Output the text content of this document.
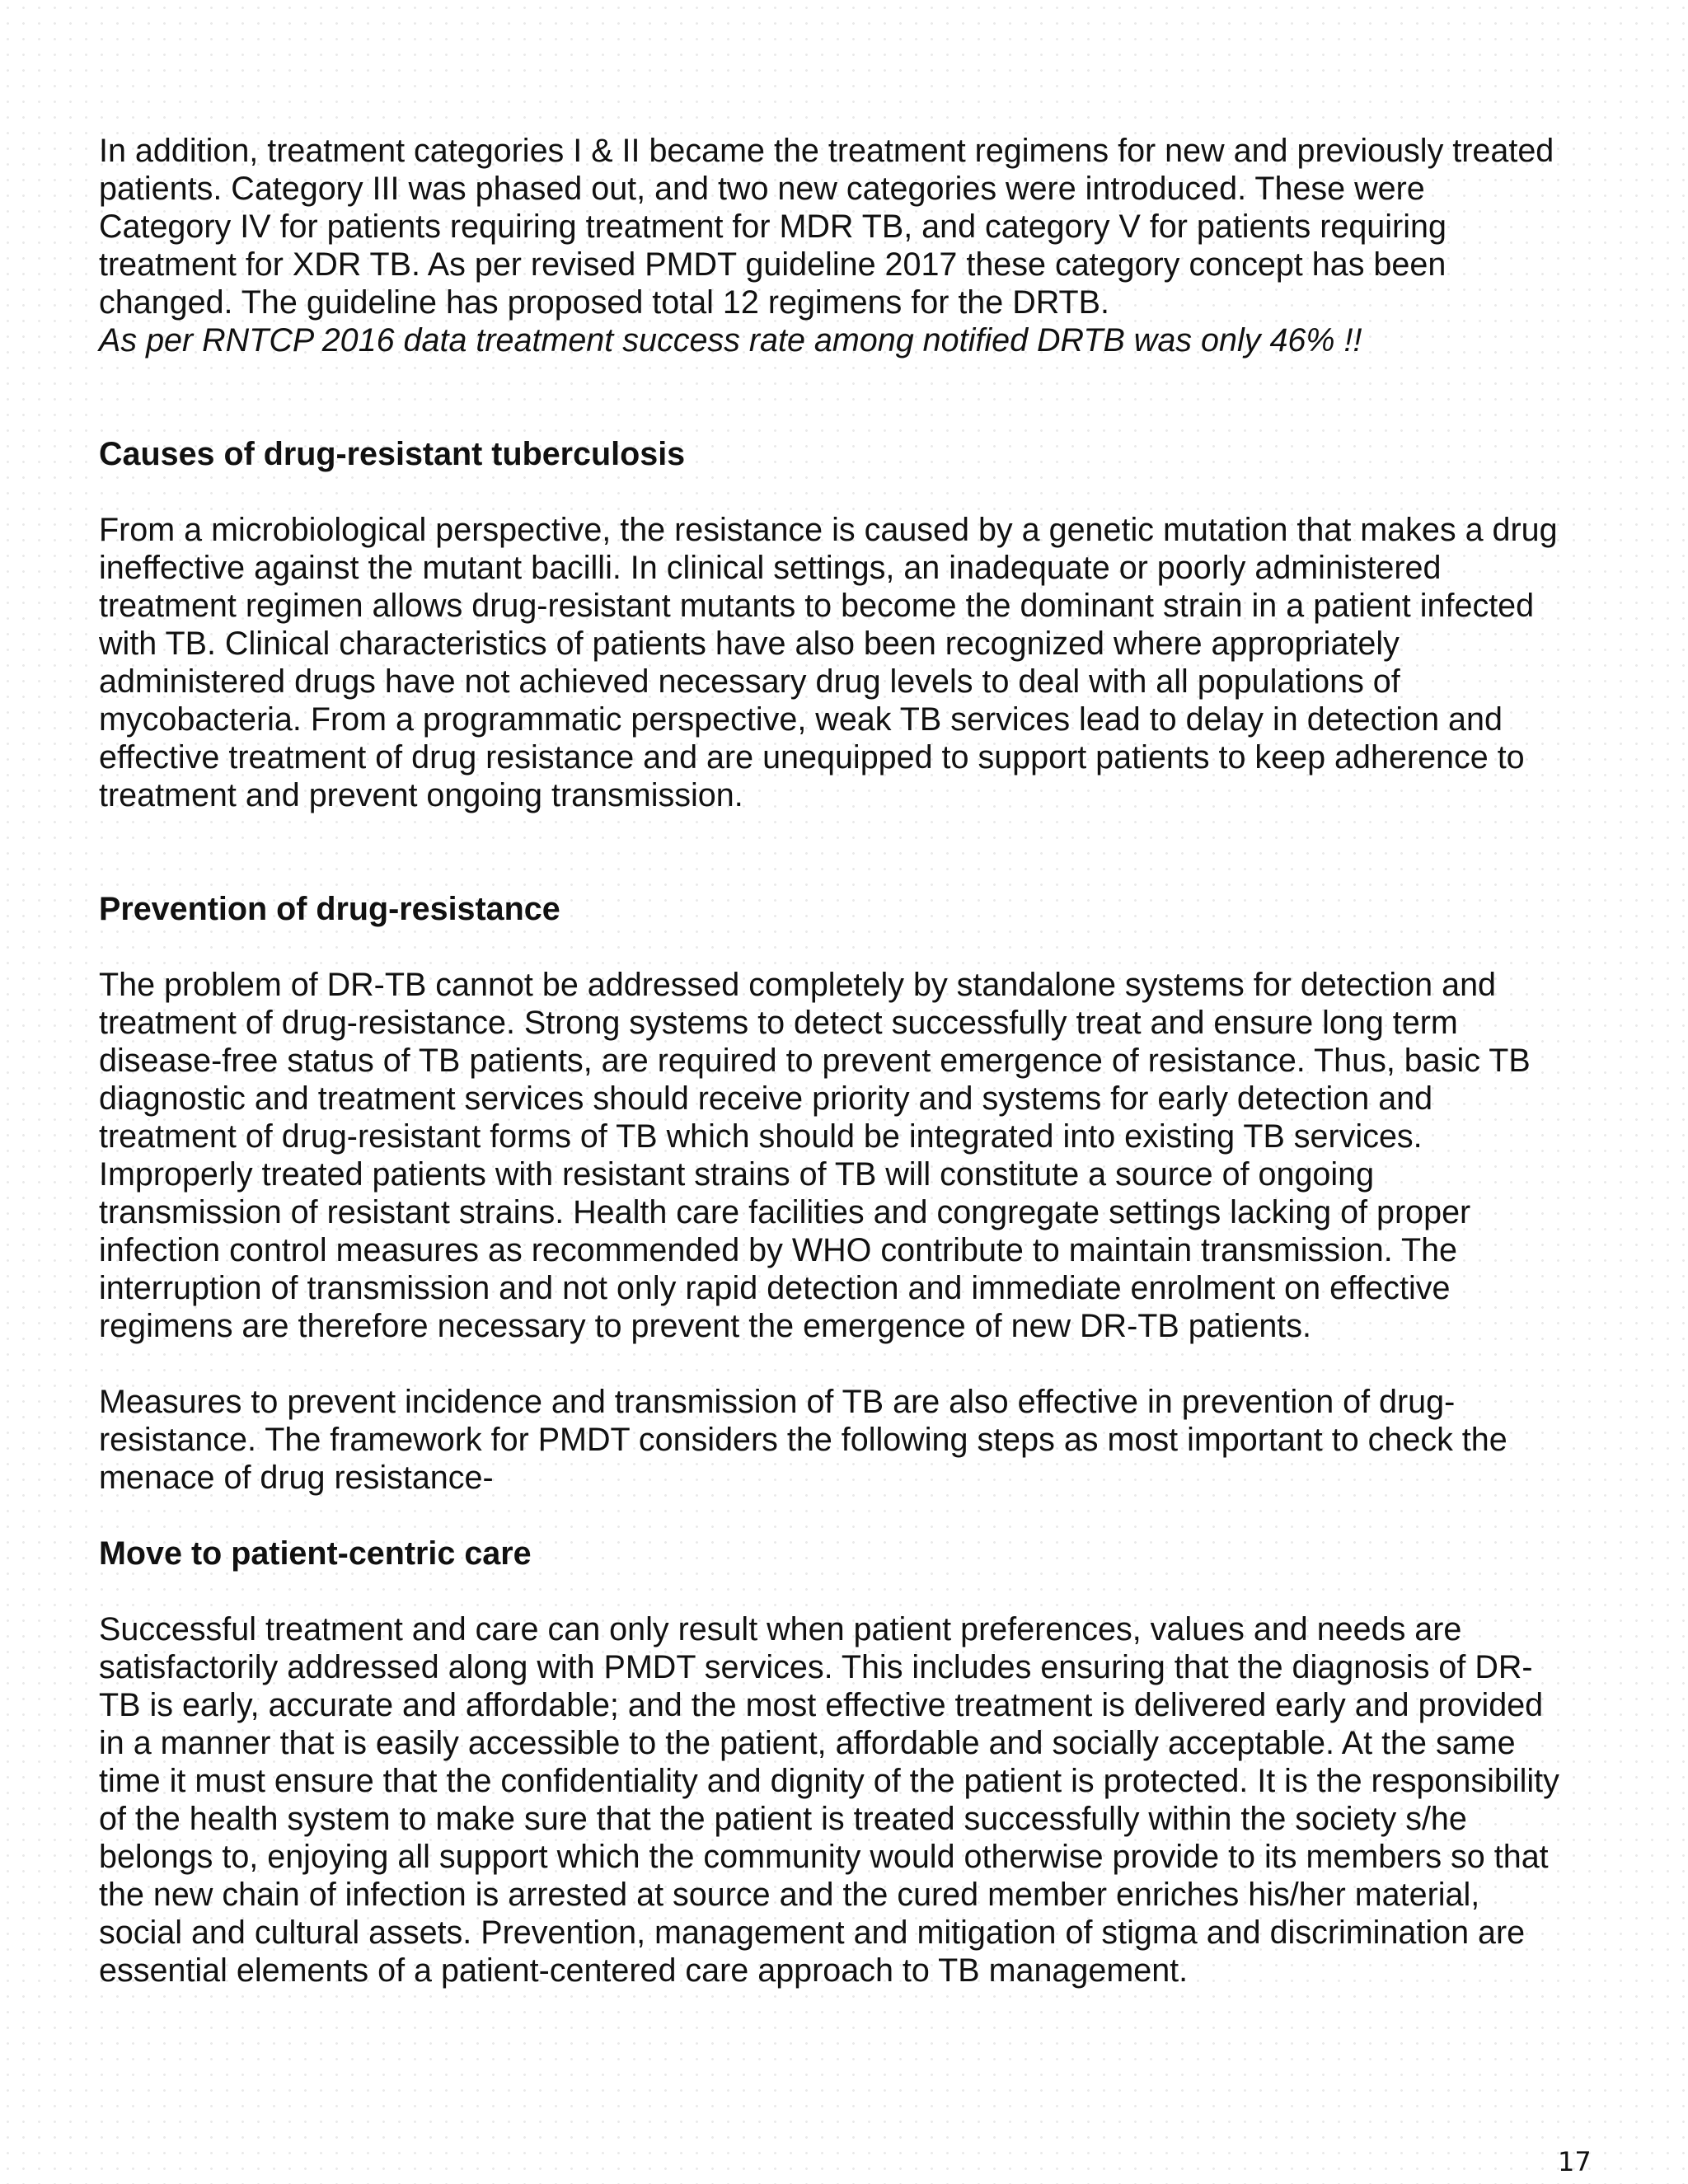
In addition, treatment categories I & II became the treatment regimens for new and previously treated
patients. Category III was phased out, and two new categories were introduced. These were
Category IV for patients requiring treatment for MDR TB, and category V for patients requiring
treatment for XDR TB. As per revised PMDT guideline 2017 these category concept has been
changed. The guideline has proposed total 12 regimens for the DRTB.
As per RNTCP 2016 data treatment success rate among notified DRTB was only 46% !!
Causes of drug-resistant tuberculosis
From a microbiological perspective, the resistance is caused by a genetic mutation that makes a drug
ineffective against the mutant bacilli. In clinical settings, an inadequate or poorly administered
treatment regimen allows drug-resistant mutants to become the dominant strain in a patient infected
with TB. Clinical characteristics of patients have also been recognized where appropriately
administered drugs have not achieved necessary drug levels to deal with all populations of
mycobacteria. From a programmatic perspective, weak TB services lead to delay in detection and
effective treatment of drug resistance and are unequipped to support patients to keep adherence to
treatment and prevent ongoing transmission.
Prevention of drug-resistance
The problem of DR-TB cannot be addressed completely by standalone systems for detection and
treatment of drug-resistance. Strong systems to detect successfully treat and ensure long term
disease-free status of TB patients, are required to prevent emergence of resistance. Thus, basic TB
diagnostic and treatment services should receive priority and systems for early detection and
treatment of drug-resistant forms of TB which should be integrated into existing TB services.
Improperly treated patients with resistant strains of TB will constitute a source of ongoing
transmission of resistant strains. Health care facilities and congregate settings lacking of proper
infection control measures as recommended by WHO contribute to maintain transmission. The
interruption of transmission and not only rapid detection and immediate enrolment on effective
regimens are therefore necessary to prevent the emergence of new DR-TB patients.
Measures to prevent incidence and transmission of TB are also effective in prevention of drug-
resistance. The framework for PMDT considers the following steps as most important to check the
menace of drug resistance-
Move to patient-centric care
Successful treatment and care can only result when patient preferences, values and needs are
satisfactorily addressed along with PMDT services. This includes ensuring that the diagnosis of DR-
TB is early, accurate and affordable; and the most effective treatment is delivered early and provided
in a manner that is easily accessible to the patient, affordable and socially acceptable. At the same
time it must ensure that the confidentiality and dignity of the patient is protected. It is the responsibility
of the health system to make sure that the patient is treated successfully within the society s/he
belongs to, enjoying all support which the community would otherwise provide to its members so that
the new chain of infection is arrested at source and the cured member enriches his/her material,
social and cultural assets. Prevention, management and mitigation of stigma and discrimination are
essential elements of a patient-centered care approach to TB management.
17
